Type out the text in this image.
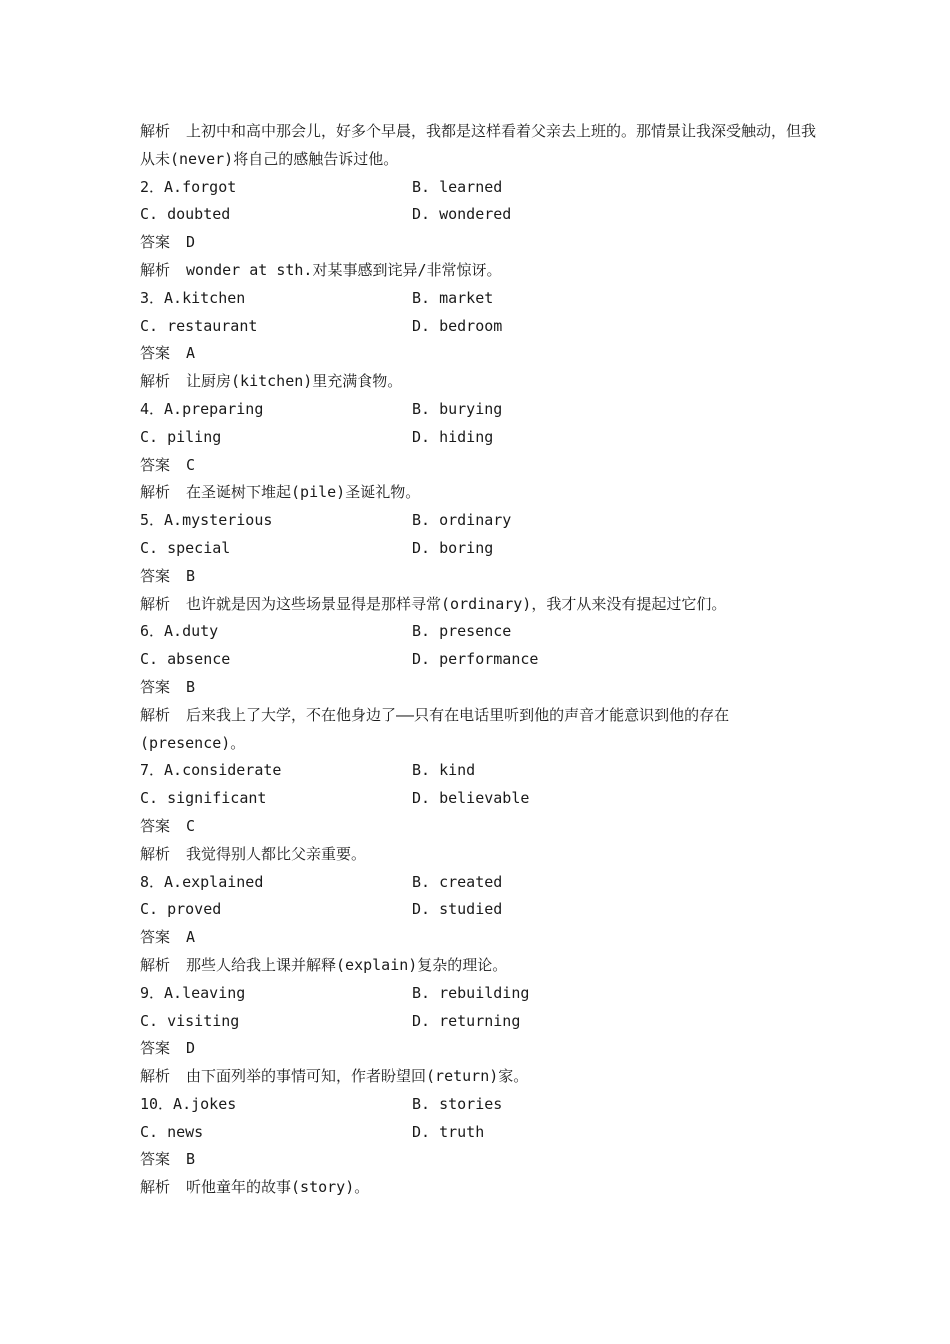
解析 上初中和高中那会儿，好多个早晨，我都是这样看着父亲去上班的。那情景让我深受触动，但我从未(never)将自己的感触告诉过他。
2．A.forgot	B. learned
C. doubted	D. wondered
答案 D
解析 wonder at sth.对某事感到诧异/非常惊讶。
3．A.kitchen	B. market
C. restaurant	D. bedroom
答案 A
解析 让厨房(kitchen)里充满食物。
4．A.preparing	B. burying
C. piling	D. hiding
答案 C
解析 在圣诞树下堆起(pile)圣诞礼物。
5．A.mysterious	B. ordinary
C. special	D. boring
答案 B
解析 也许就是因为这些场景显得是那样寻常(ordinary)，我才从来没有提起过它们。
6．A.duty	B. presence
C. absence	D. performance
答案 B
解析 后来我上了大学，不在他身边了——只有在电话里听到他的声音才能意识到他的存在(presence)。
7．A.considerate	B. kind
C. significant	D. believable
答案 C
解析 我觉得别人都比父亲重要。
8．A.explained	B. created
C. proved	D. studied
答案 A
解析 那些人给我上课并解释(explain)复杂的理论。
9．A.leaving	B. rebuilding
C. visiting	D. returning
答案 D
解析 由下面列举的事情可知，作者盼望回(return)家。
10．A.jokes	B. stories
C. news	D. truth
答案 B
解析 听他童年的故事(story)。
